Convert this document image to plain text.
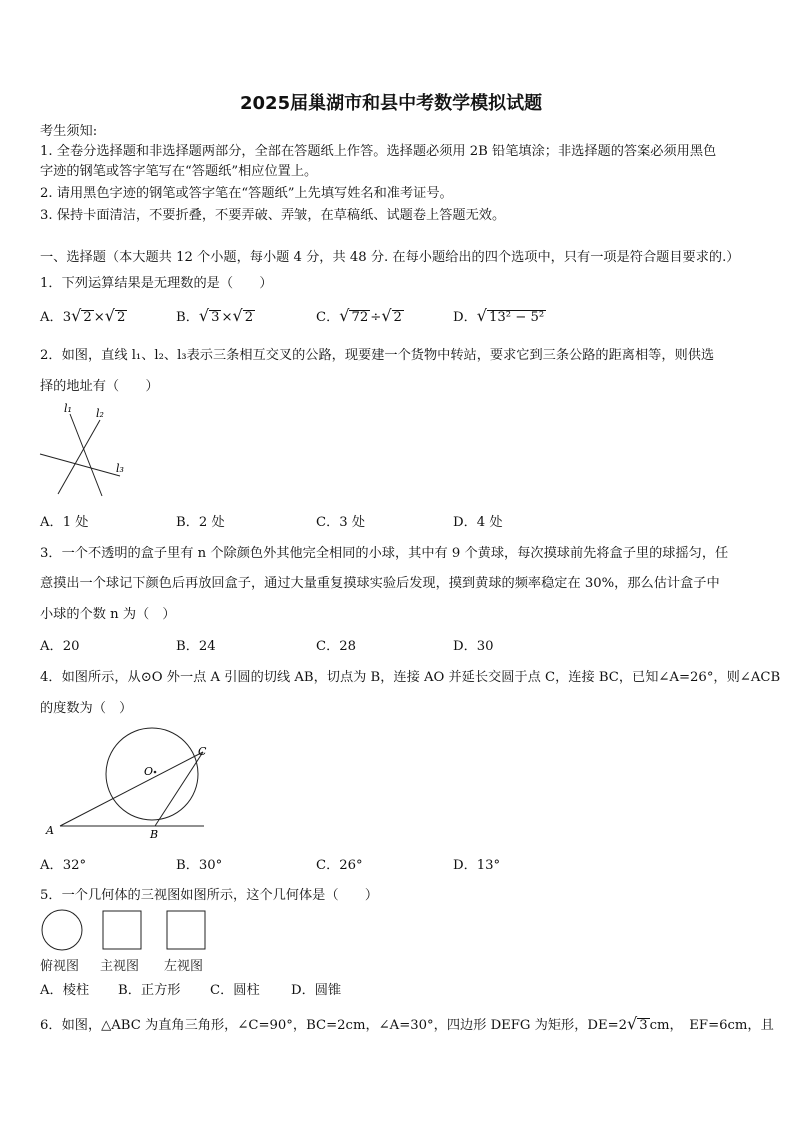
2025届巢湖市和县中考数学模拟试题
考生须知:
1. 全卷分选择题和非选择题两部分，全部在答题纸上作答。选择题必须用 2B 铅笔填涂；非选择题的答案必须用黑色
字迹的钢笔或答字笔写在“答题纸”相应位置上。
2. 请用黑色字迹的钢笔或答字笔在“答题纸”上先填写姓名和准考证号。
3. 保持卡面清洁，不要折叠，不要弄破、弄皱，在草稿纸、试题卷上答题无效。
一、选择题（本大题共 12 个小题，每小题 4 分，共 48 分. 在每小题给出的四个选项中，只有一项是符合题目要求的.）
1．下列运算结果是无理数的是（　　）
A．3√ 2 ×√ 2	B．√ 3 ×√ 2	C．√ 72 ÷√ 2	D．√ 13² − 5²
2．如图，直线 l₁、l₂、l₃表示三条相互交叉的公路，现要建一个货物中转站，要求它到三条公路的距离相等，则供选
择的地址有（　　）
l₁ l₂
l₃
A．1 处	B．2 处	C．3 处	D．4 处
3．一个不透明的盒子里有 n 个除颜色外其他完全相同的小球，其中有 9 个黄球，每次摸球前先将盒子里的球摇匀，任
意摸出一个球记下颜色后再放回盒子，通过大量重复摸球实验后发现，摸到黄球的频率稳定在 30%，那么估计盒子中
小球的个数 n 为（　）
A．20	B．24	C．28	D．30
4．如图所示，从⊙O 外一点 A 引圆的切线 AB，切点为 B，连接 AO 并延长交圆于点 C，连接 BC，已知∠A=26°，则∠ACB
的度数为（　）
O
C
A	B
A．32°	B．30°	C．26°	D．13°
5．一个几何体的三视图如图所示，这个几何体是（　　）
俯视图 主视图 左视图
A．棱柱 B．正方形 C．圆柱 D．圆锥
6．如图，△ABC 为直角三角形，∠C=90°，BC=2cm，∠A=30°，四边形 DEFG 为矩形，DE=2√ 3 cm，　EF=6cm，且
